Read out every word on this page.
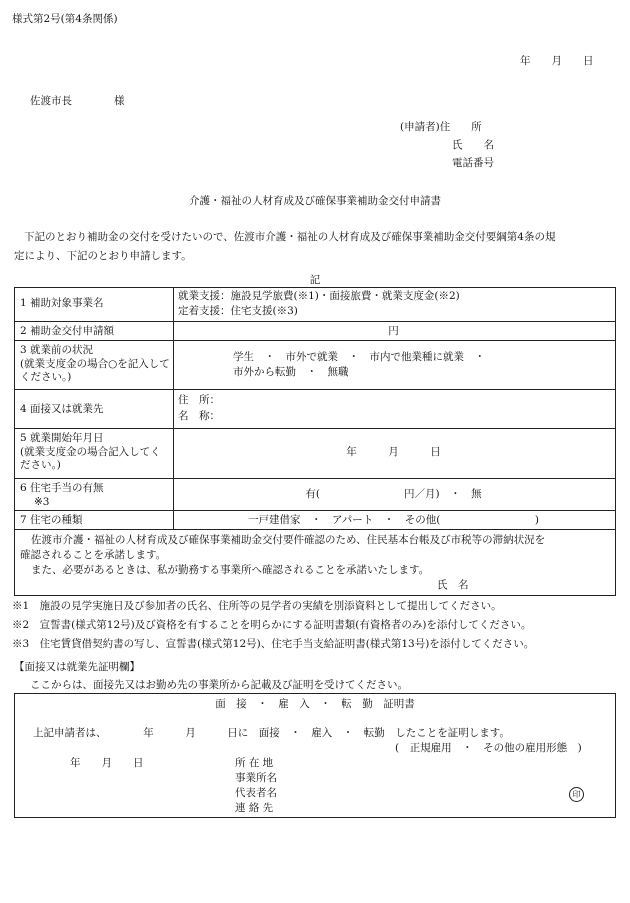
様式第2号(第4条関係)
年　　月　　日
佐渡市長　　　　様
(申請者)住　　所
氏　　名
電話番号
介護・福祉の人材育成及び確保事業補助金交付申請書
下記のとおり補助金の交付を受けたいので、佐渡市介護・福祉の人材育成及び確保事業補助金交付要綱第4条の規
定により、下記のとおり申請します。
記
1 補助対象事業名
就業支援：施設見学旅費(※1)・面接旅費・就業支度金(※2)
定着支援：住宅支援(※3)
2 補助金交付申請額	円
3 就業前の状況
(就業支度金の場合○を記入してください。)
学生　・　市外で就業　・　市内で他業種に就業　・
市外から転勤　・　無職
4 面接又は就業先
住　所：
名　称：
5 就業開始年月日
(就業支度金の場合記入してください。)
年　　　月　　　日
6 住宅手当の有無
※3
有(　　　　　　　　円／月)　・　無
7 住宅の種類	一戸建借家　・　アパート　・　その他(　　　　　　　　　)
佐渡市介護・福祉の人材育成及び確保事業補助金交付要件確認のため、住民基本台帳及び市税等の滞納状況を
確認されることを承諾します。
また、必要があるときは、私が勤務する事業所へ確認されることを承諾いたします。
氏　名
※1　施設の見学実施日及び参加者の氏名、住所等の見学者の実績を別添資料として提出してください。
※2　宣誓書(様式第12号)及び資格を有することを明らかにする証明書類(有資格者のみ)を添付してください。
※3　住宅賃貸借契約書の写し、宣誓書(様式第12号)、住宅手当支給証明書(様式第13号)を添付してください。
【面接又は就業先証明欄】
ここからは、面接先又はお勤め先の事業所から記載及び証明を受けてください。
面　接　・　雇　入　・　転　勤　証明書
上記申請者は、　　　　年　　　月　　　日に　面接　・　雇入　・　転勤　したことを証明します。
(　正規雇用　・　その他の雇用形態　)
年　　月　　日	所 在 地
事業所名
代表者名	印
連 絡 先
